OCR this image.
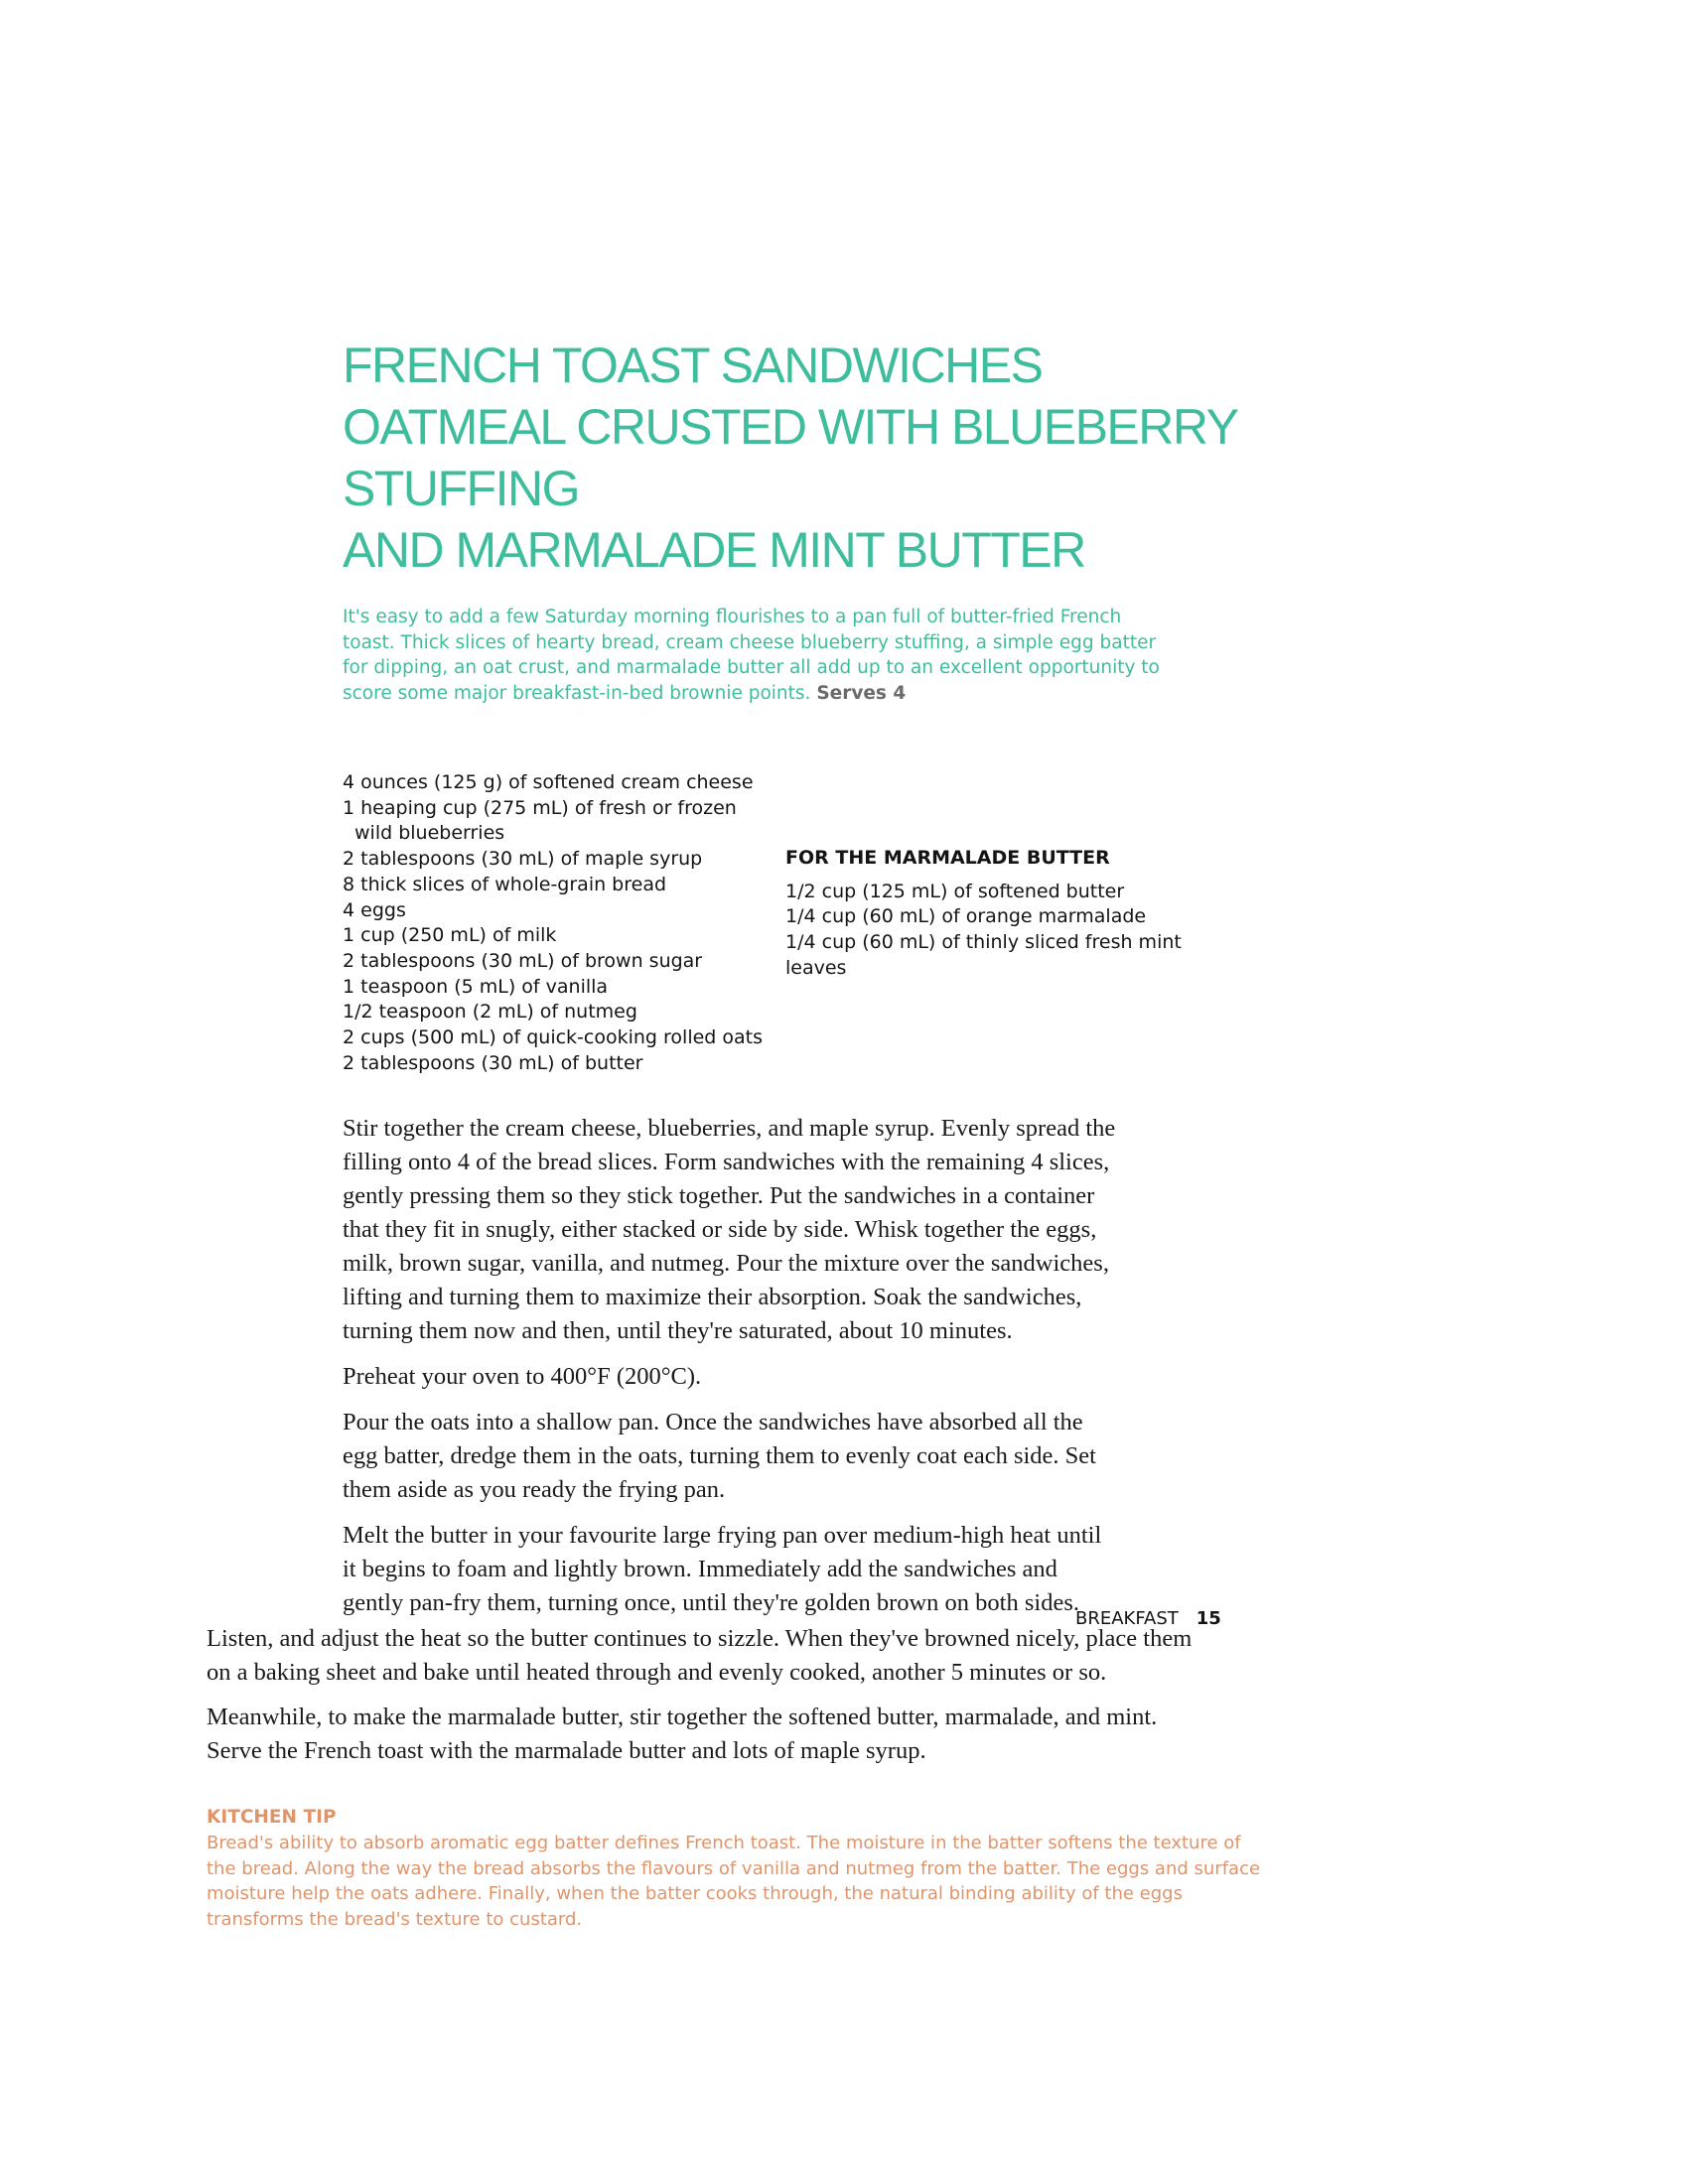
FRENCH TOAST SANDWICHES
OATMEAL CRUSTED WITH BLUEBERRY
STUFFING
AND MARMALADE MINT BUTTER
It's easy to add a few Saturday morning flourishes to a pan full of butter-fried French
toast. Thick slices of hearty bread, cream cheese blueberry stuffing, a simple egg batter
for dipping, an oat crust, and marmalade butter all add up to an excellent opportunity to
score some major breakfast-in-bed brownie points. Serves 4
4 ounces (125 g) of softened cream cheese
1 heaping cup (275 mL) of fresh or frozen
wild blueberries
2 tablespoons (30 mL) of maple syrup
8 thick slices of whole-grain bread
4 eggs
1 cup (250 mL) of milk
2 tablespoons (30 mL) of brown sugar
1 teaspoon (5 mL) of vanilla
1/2 teaspoon (2 mL) of nutmeg
2 cups (500 mL) of quick-cooking rolled oats
2 tablespoons (30 mL) of butter
FOR THE MARMALADE BUTTER
1/2 cup (125 mL) of softened butter
1/4 cup (60 mL) of orange marmalade
1/4 cup (60 mL) of thinly sliced fresh mint
leaves

Stir together the cream cheese, blueberries, and maple syrup. Evenly spread the
filling onto 4 of the bread slices. Form sandwiches with the remaining 4 slices,
gently pressing them so they stick together. Put the sandwiches in a container
that they fit in snugly, either stacked or side by side. Whisk together the eggs,
milk, brown sugar, vanilla, and nutmeg. Pour the mixture over the sandwiches,
lifting and turning them to maximize their absorption. Soak the sandwiches,
turning them now and then, until they're saturated, about 10 minutes.

Preheat your oven to 400°F (200°C).

Pour the oats into a shallow pan. Once the sandwiches have absorbed all the
egg batter, dredge them in the oats, turning them to evenly coat each side. Set
them aside as you ready the frying pan.

Melt the butter in your favourite large frying pan over medium-high heat until
it begins to foam and lightly brown. Immediately add the sandwiches and
gently pan-fry them, turning once, until they're golden brown on both sides.

BREAKFAST 15

Listen, and adjust the heat so the butter continues to sizzle. When they've browned nicely, place them
on a baking sheet and bake until heated through and evenly cooked, another 5 minutes or so.

Meanwhile, to make the marmalade butter, stir together the softened butter, marmalade, and mint.
Serve the French toast with the marmalade butter and lots of maple syrup.

KITCHEN TIP
Bread's ability to absorb aromatic egg batter defines French toast. The moisture in the batter softens the texture of
the bread. Along the way the bread absorbs the flavours of vanilla and nutmeg from the batter. The eggs and surface
moisture help the oats adhere. Finally, when the batter cooks through, the natural binding ability of the eggs
transforms the bread's texture to custard.
